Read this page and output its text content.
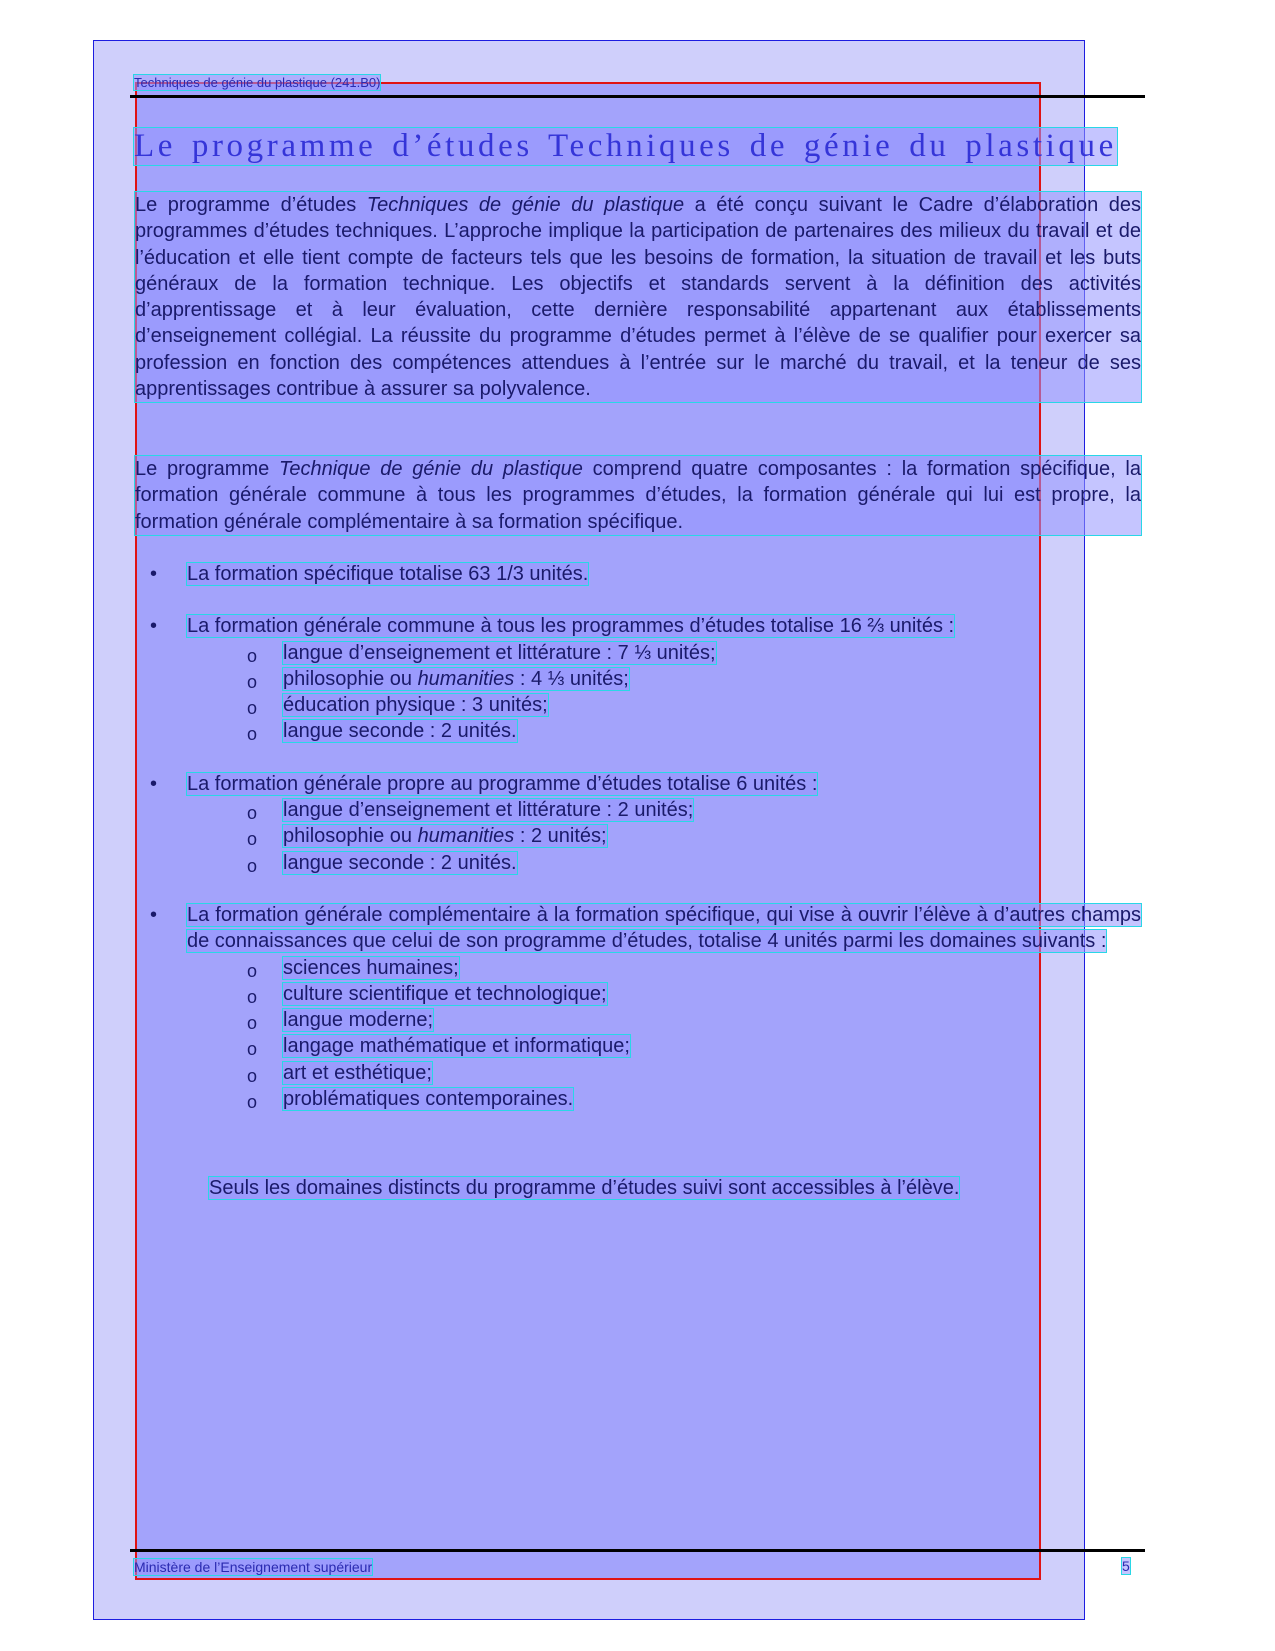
Techniques de génie du plastique (241.B0)
Le programme d’études Techniques de génie du plastique

Le programme d’études Techniques de génie du plastique a été conçu suivant le Cadre d’élaboration des programmes d’études techniques. L’approche implique la participation de partenaires des milieux du travail et de l’éducation et elle tient compte de facteurs tels que les besoins de formation, la situation de travail et les buts généraux de la formation technique. Les objectifs et standards servent à la définition des activités d’apprentissage et à leur évaluation, cette dernière responsabilité appartenant aux établissements d’enseignement collégial. La réussite du programme d’études permet à l’élève de se qualifier pour exercer sa profession en fonction des compétences attendues à l’entrée sur le marché du travail, et la teneur de ses apprentissages contribue à assurer sa polyvalence.

Le programme Technique de génie du plastique comprend quatre composantes : la formation spécifique, la formation générale commune à tous les programmes d’études, la formation générale qui lui est propre, la formation générale complémentaire à sa formation spécifique.

• La formation spécifique totalise 63 1/3 unités.
• La formation générale commune à tous les programmes d’études totalise 16 ⅔ unités :
o langue d’enseignement et littérature : 7 ⅓ unités;
o philosophie ou humanities : 4 ⅓ unités;
o éducation physique : 3 unités;
o langue seconde : 2 unités.
• La formation générale propre au programme d’études totalise 6 unités :
o langue d’enseignement et littérature : 2 unités;
o philosophie ou humanities : 2 unités;
o langue seconde : 2 unités.
• La formation générale complémentaire à la formation spécifique, qui vise à ouvrir l’élève à d’autres champs de connaissances que celui de son programme d’études, totalise 4 unités parmi les domaines suivants :
o sciences humaines;
o culture scientifique et technologique;
o langue moderne;
o langage mathématique et informatique;
o art et esthétique;
o problématiques contemporaines.

Seuls les domaines distincts du programme d’études suivi sont accessibles à l’élève.

Ministère de l’Enseignement supérieur	5
